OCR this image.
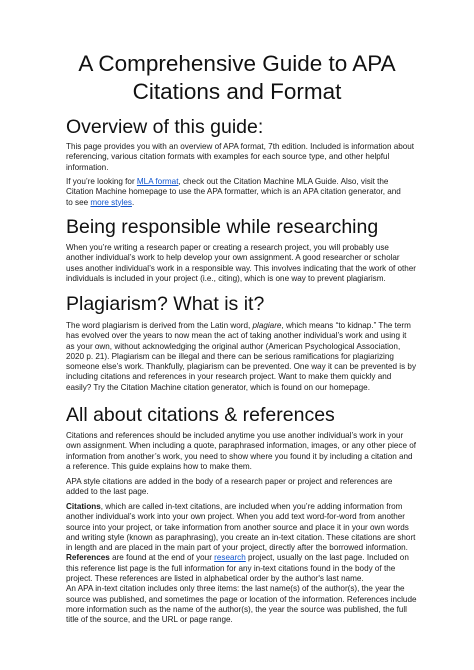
A Comprehensive Guide to APA
Citations and Format
Overview of this guide:
This page provides you with an overview of APA format, 7th edition. Included is information about
referencing, various citation formats with examples for each source type, and other helpful
information.
If you’re looking for MLA format, check out the Citation Machine MLA Guide. Also, visit the
Citation Machine homepage to use the APA formatter, which is an APA citation generator, and
to see more styles.
Being responsible while researching
When you’re writing a research paper or creating a research project, you will probably use
another individual’s work to help develop your own assignment. A good researcher or scholar
uses another individual’s work in a responsible way. This involves indicating that the work of other
individuals is included in your project (i.e., citing), which is one way to prevent plagiarism.
Plagiarism? What is it?
The word plagiarism is derived from the Latin word, plagiare, which means “to kidnap.” The term
has evolved over the years to now mean the act of taking another individual’s work and using it
as your own, without acknowledging the original author (American Psychological Association,
2020 p. 21). Plagiarism can be illegal and there can be serious ramifications for plagiarizing
someone else’s work. Thankfully, plagiarism can be prevented. One way it can be prevented is by
including citations and references in your research project. Want to make them quickly and
easily? Try the Citation Machine citation generator, which is found on our homepage.
All about citations & references
Citations and references should be included anytime you use another individual’s work in your
own assignment. When including a quote, paraphrased information, images, or any other piece of
information from another’s work, you need to show where you found it by including a citation and
a reference. This guide explains how to make them.
APA style citations are added in the body of a research paper or project and references are
added to the last page.
Citations, which are called in-text citations, are included when you’re adding information from
another individual’s work into your own project. When you add text word-for-word from another
source into your project, or take information from another source and place it in your own words
and writing style (known as paraphrasing), you create an in-text citation. These citations are short
in length and are placed in the main part of your project, directly after the borrowed information.
References are found at the end of your research project, usually on the last page. Included on
this reference list page is the full information for any in-text citations found in the body of the
project. These references are listed in alphabetical order by the author's last name.
An APA in-text citation includes only three items: the last name(s) of the author(s), the year the
source was published, and sometimes the page or location of the information. References include
more information such as the name of the author(s), the year the source was published, the full
title of the source, and the URL or page range.
